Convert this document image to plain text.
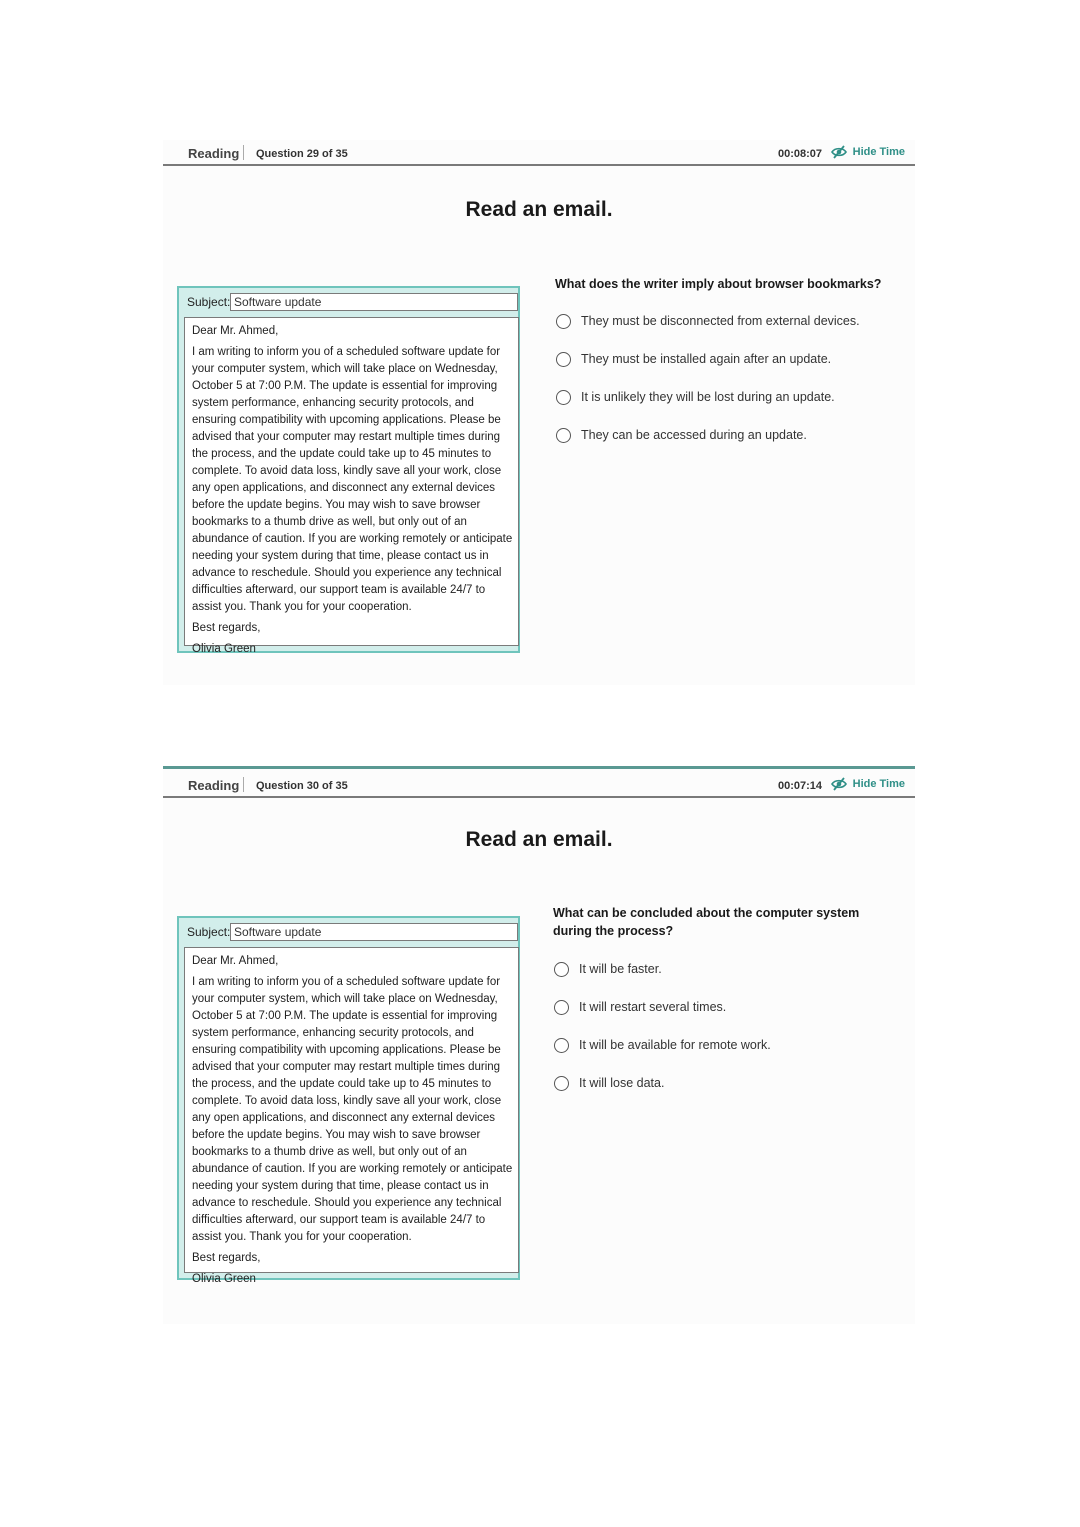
Reading Question 29 of 35	00:08:07	Hide Time
Read an email.
Subject: Software update
Dear Mr. Ahmed,
I am writing to inform you of a scheduled software update for your computer system, which will take place on Wednesday, October 5 at 7:00 P.M. The update is essential for improving system performance, enhancing security protocols, and ensuring compatibility with upcoming applications. Please be advised that your computer may restart multiple times during the process, and the update could take up to 45 minutes to complete. To avoid data loss, kindly save all your work, close any open applications, and disconnect any external devices before the update begins. You may wish to save browser bookmarks to a thumb drive as well, but only out of an abundance of caution. If you are working remotely or anticipate needing your system during that time, please contact us in advance to reschedule. Should you experience any technical difficulties afterward, our support team is available 24/7 to assist you. Thank you for your cooperation.
Best regards,
Olivia Green
What does the writer imply about browser bookmarks?
They must be disconnected from external devices.
They must be installed again after an update.
It is unlikely they will be lost during an update.
They can be accessed during an update.
Reading Question 30 of 35	00:07:14	Hide Time
Read an email.
Subject: Software update
Dear Mr. Ahmed,
I am writing to inform you of a scheduled software update for your computer system, which will take place on Wednesday, October 5 at 7:00 P.M. The update is essential for improving system performance, enhancing security protocols, and ensuring compatibility with upcoming applications. Please be advised that your computer may restart multiple times during the process, and the update could take up to 45 minutes to complete. To avoid data loss, kindly save all your work, close any open applications, and disconnect any external devices before the update begins. You may wish to save browser bookmarks to a thumb drive as well, but only out of an abundance of caution. If you are working remotely or anticipate needing your system during that time, please contact us in advance to reschedule. Should you experience any technical difficulties afterward, our support team is available 24/7 to assist you. Thank you for your cooperation.
Best regards,
Olivia Green
What can be concluded about the computer system during the process?
It will be faster.
It will restart several times.
It will be available for remote work.
It will lose data.
